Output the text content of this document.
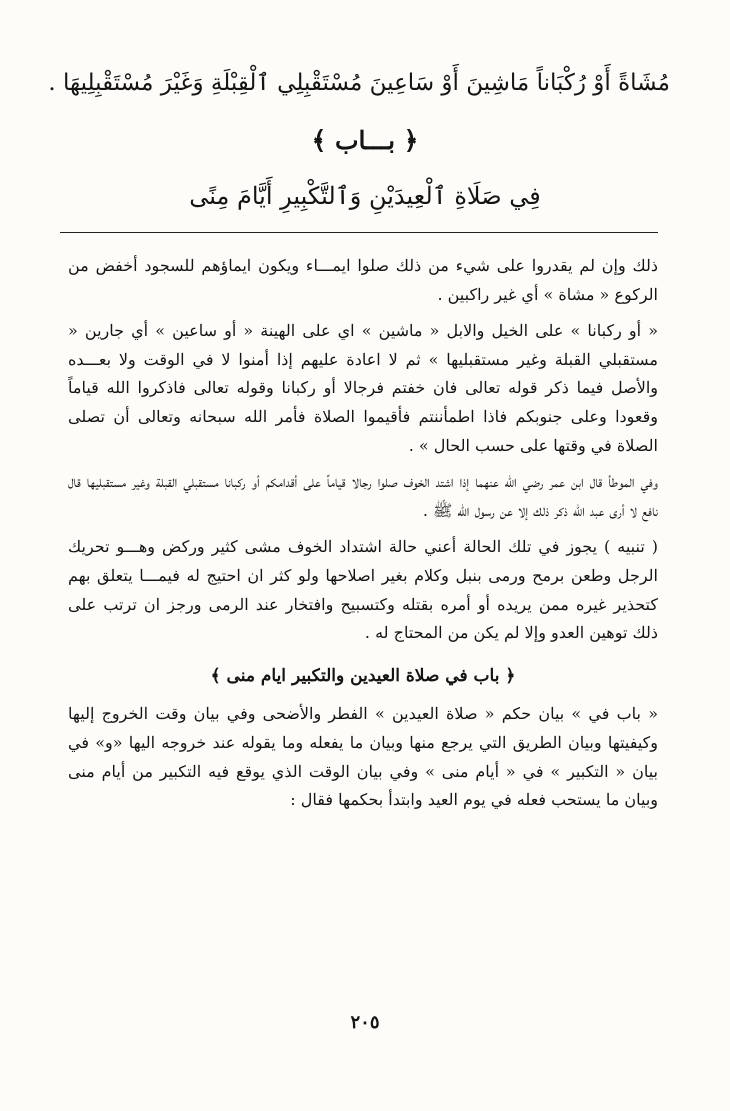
مُشَاةً أَوْ رُكْبَاناً مَاشِينَ أَوْ سَاعِينَ مُسْتَقْبِلِي ٱلْقِبْلَةِ وَغَيْرَ مُسْتَقْبِلِيهَا .
﴿ بـــاب ﴾
فِي صَلَاةِ ٱلْعِيدَيْنِ وَٱلتَّكْبِيرِ أَيَّامَ مِنًى

ذلك وإن لم يقدروا على شيء من ذلك صلوا ايمـــاء ويكون ايماؤهم للسجود أخفض من الركوع « مشاة » أي غير راكبين .

« أو ركبانا » على الخيل والابل « ماشين » اي على الهينة « أو ساعين » أي جارين « مستقبلي القبلة وغير مستقبليها » ثم لا اعادة عليهم إذا أمنوا لا في الوقت ولا بعـــده والأصل فيما ذكر قوله تعالى فان خفتم فرجالا أو ركبانا وقوله تعالى فاذكروا الله قياماً وقعودا وعلى جنوبكم فاذا اطمأننتم فأقيموا الصلاة فأمر الله سبحانه وتعالى أن تصلى الصلاة في وقتها على حسب الحال » .

وفي الموطأ قال ابن عمر رضي الله عنهما إذا اشتد الخوف صلوا رجالا قياماً على أقدامكم أو ركبانا مستقبلي القبلة وغير مستقبليها قال نافع لا أرى عبد الله ذكر ذلك إلا عن رسول الله ﷺ .

( تنبيه ) يجوز في تلك الحالة أعني حالة اشتداد الخوف مشى كثير وركض وهـــو تحريك الرجل وطعن برمح ورمى بنبل وكلام بغير اصلاحها ولو كثر ان احتيج له فيمـــا يتعلق بهم كتحذير غيره ممن يريده أو أمره بقتله وكتسبيح وافتخار عند الرمى ورجز ان ترتب على ذلك توهين العدو وإلا لم يكن من المحتاج له .

﴿ باب في صلاة العيدين والتكبير ايام منى ﴾

« باب في » بيان حكم « صلاة العيدين » الفطر والأضحى وفي بيان وقت الخروج إليها وكيفيتها وبيان الطريق التي يرجع منها وبيان ما يفعله وما يقوله عند خروجه اليها «و» في بيان « التكبير » في « أيام منى » وفي بيان الوقت الذي يوقع فيه التكبير من أيام منى وبيان ما يستحب فعله في يوم العيد وابتدأ بحكمها فقال :

٢٠٥
